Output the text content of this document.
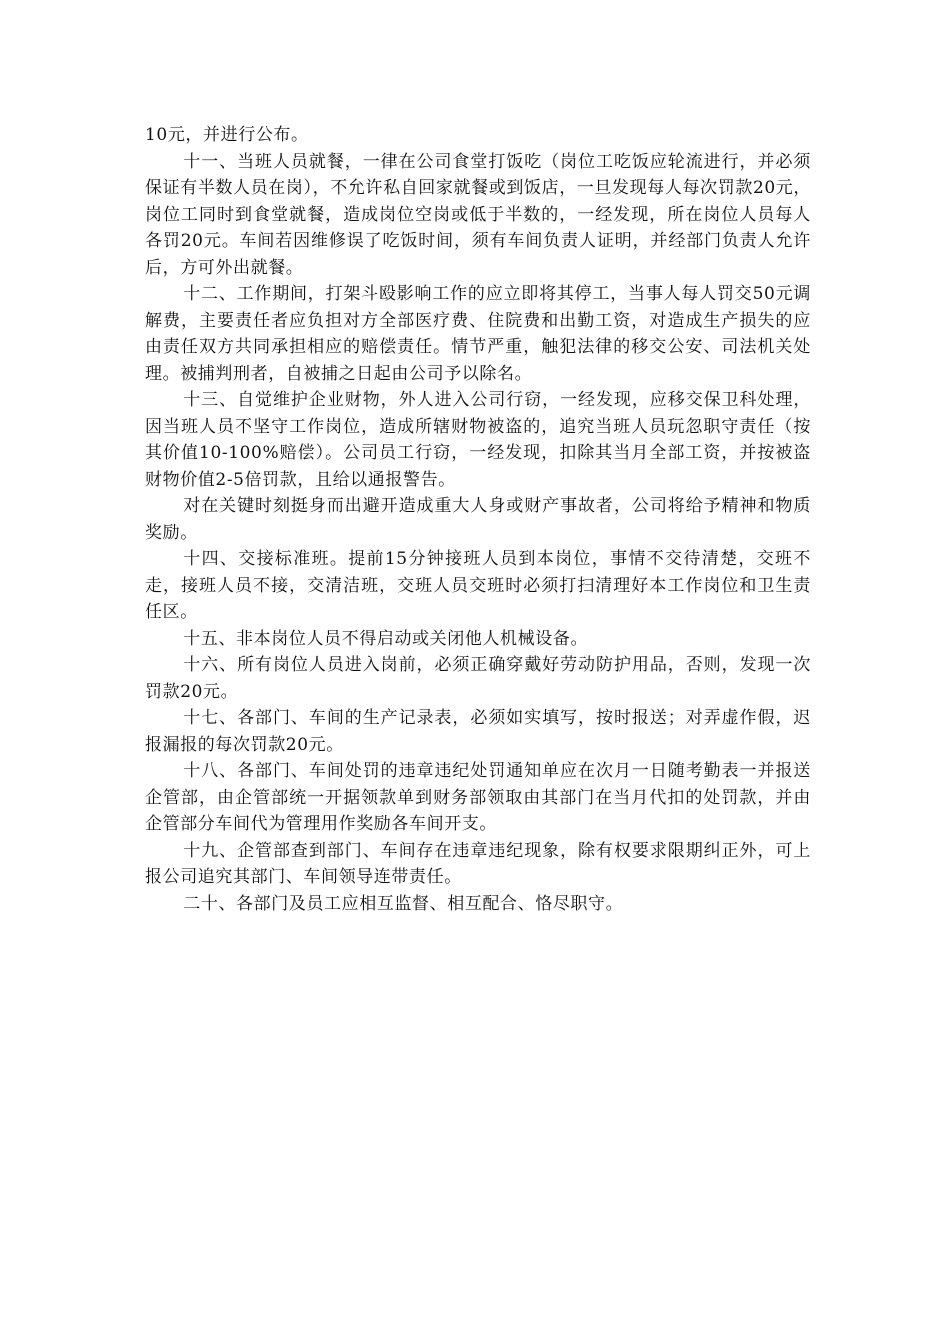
10元，并进行公布。

十一、当班人员就餐，一律在公司食堂打饭吃（岗位工吃饭应轮流进行，并必须保证有半数人员在岗），不允许私自回家就餐或到饭店，一旦发现每人每次罚款20元，岗位工同时到食堂就餐，造成岗位空岗或低于半数的，一经发现，所在岗位人员每人各罚20元。车间若因维修误了吃饭时间，须有车间负责人证明，并经部门负责人允许后，方可外出就餐。

十二、工作期间，打架斗殴影响工作的应立即将其停工，当事人每人罚交50元调解费，主要责任者应负担对方全部医疗费、住院费和出勤工资，对造成生产损失的应由责任双方共同承担相应的赔偿责任。情节严重，触犯法律的移交公安、司法机关处理。被捕判刑者，自被捕之日起由公司予以除名。

十三、自觉维护企业财物，外人进入公司行窃，一经发现，应移交保卫科处理，因当班人员不坚守工作岗位，造成所辖财物被盗的，追究当班人员玩忽职守责任（按其价值10-100%赔偿）。公司员工行窃，一经发现，扣除其当月全部工资，并按被盗财物价值2-5倍罚款，且给以通报警告。

对在关键时刻挺身而出避开造成重大人身或财产事故者，公司将给予精神和物质奖励。

十四、交接标准班。提前15分钟接班人员到本岗位，事情不交待清楚，交班不走，接班人员不接，交清洁班，交班人员交班时必须打扫清理好本工作岗位和卫生责任区。

十五、非本岗位人员不得启动或关闭他人机械设备。

十六、所有岗位人员进入岗前，必须正确穿戴好劳动防护用品，否则，发现一次罚款20元。

十七、各部门、车间的生产记录表，必须如实填写，按时报送；对弄虚作假，迟报漏报的每次罚款20元。

十八、各部门、车间处罚的违章违纪处罚通知单应在次月一日随考勤表一并报送企管部，由企管部统一开据领款单到财务部领取由其部门在当月代扣的处罚款，并由企管部分车间代为管理用作奖励各车间开支。

十九、企管部查到部门、车间存在违章违纪现象，除有权要求限期纠正外，可上报公司追究其部门、车间领导连带责任。

二十、各部门及员工应相互监督、相互配合、恪尽职守。
